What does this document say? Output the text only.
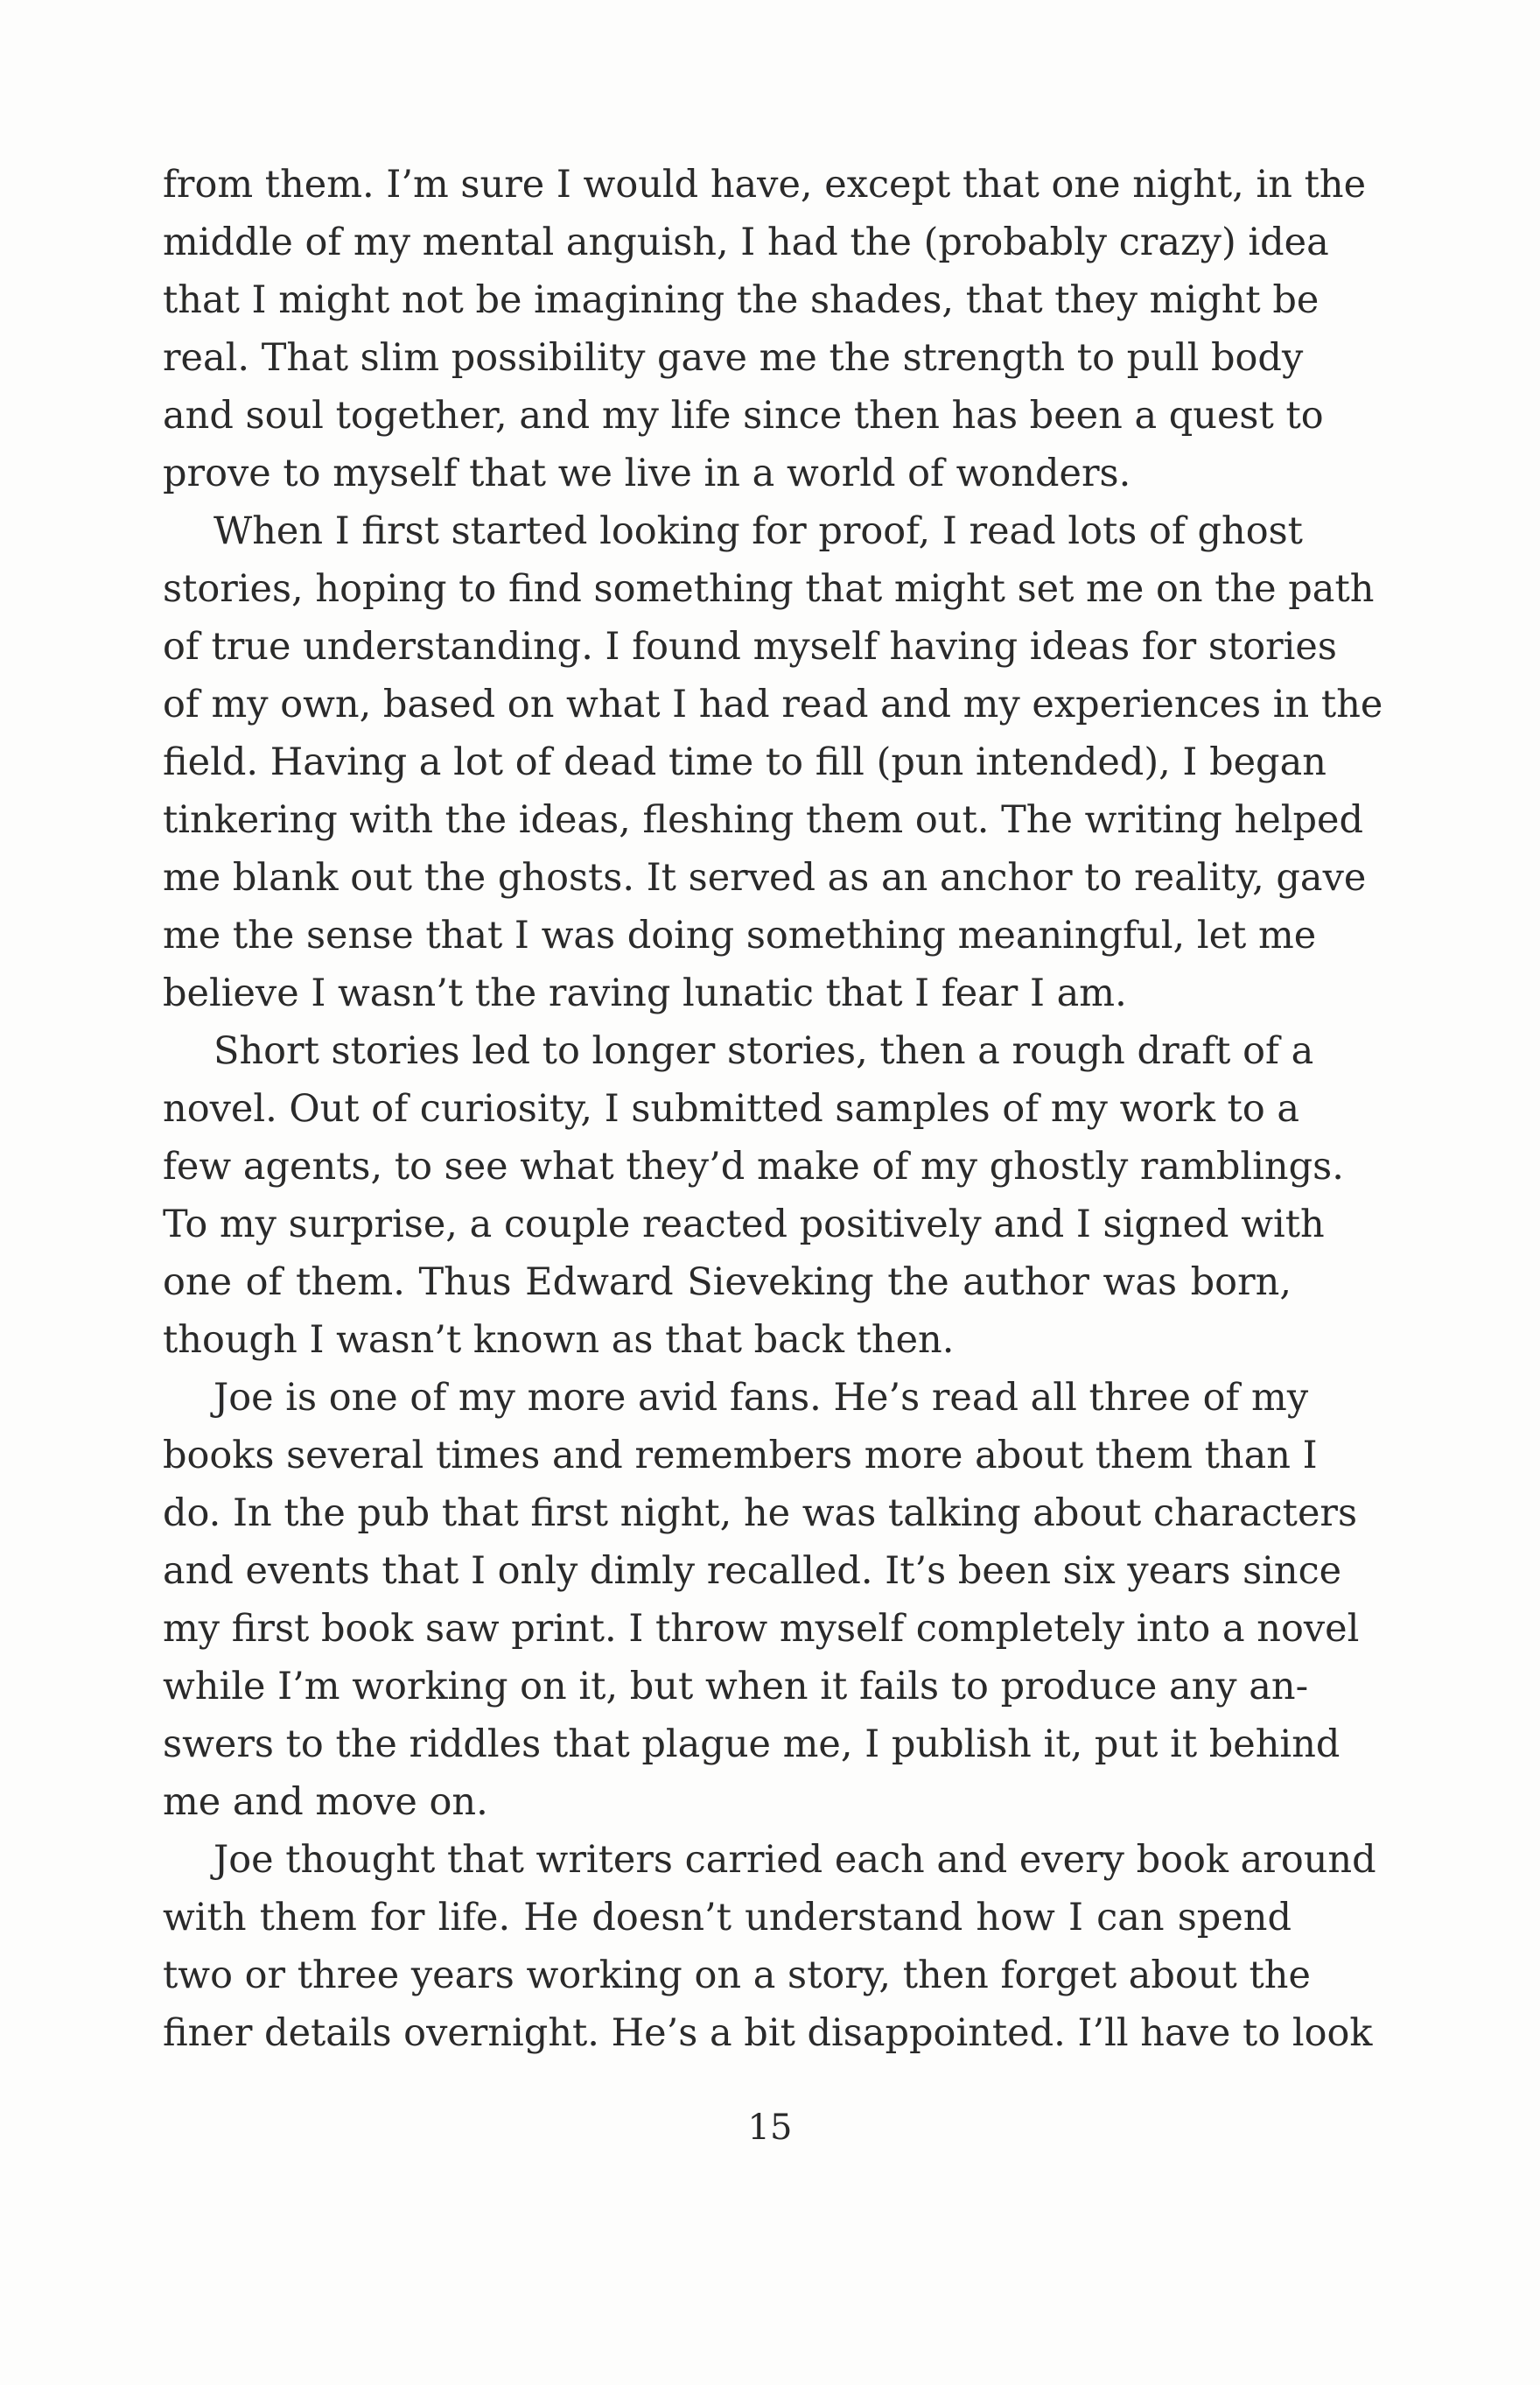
from them. I’m sure I would have, except that one night, in the
middle of my mental anguish, I had the (probably crazy) idea
that I might not be imagining the shades, that they might be
real. That slim possibility gave me the strength to pull body
and soul together, and my life since then has been a quest to
prove to myself that we live in a world of wonders.
When I first started looking for proof, I read lots of ghost
stories, hoping to find something that might set me on the path
of true understanding. I found myself having ideas for stories
of my own, based on what I had read and my experiences in the
field. Having a lot of dead time to fill (pun intended), I began
tinkering with the ideas, fleshing them out. The writing helped
me blank out the ghosts. It served as an anchor to reality, gave
me the sense that I was doing something meaningful, let me
believe I wasn’t the raving lunatic that I fear I am.
Short stories led to longer stories, then a rough draft of a
novel. Out of curiosity, I submitted samples of my work to a
few agents, to see what they’d make of my ghostly ramblings.
To my surprise, a couple reacted positively and I signed with
one of them. Thus Edward Sieveking the author was born,
though I wasn’t known as that back then.
Joe is one of my more avid fans. He’s read all three of my
books several times and remembers more about them than I
do. In the pub that first night, he was talking about characters
and events that I only dimly recalled. It’s been six years since
my first book saw print. I throw myself completely into a novel
while I’m working on it, but when it fails to produce any an-
swers to the riddles that plague me, I publish it, put it behind
me and move on.
Joe thought that writers carried each and every book around
with them for life. He doesn’t understand how I can spend
two or three years working on a story, then forget about the
finer details overnight. He’s a bit disappointed. I’ll have to look
15
